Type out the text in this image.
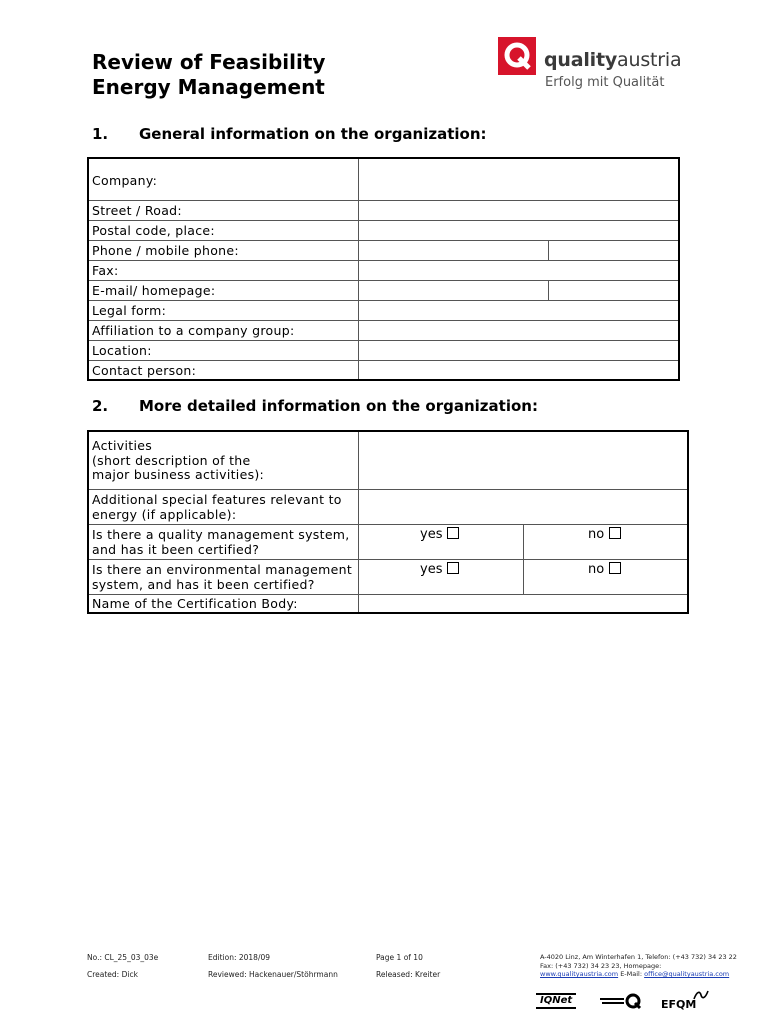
Review of Feasibility
Energy Management
qualityaustria
Erfolg mit Qualität
1. General information on the organization:
Company:
Street / Road:
Postal code, place:
Phone / mobile phone:
Fax:
E-mail/ homepage:
Legal form:
Affiliation to a company group:
Location:
Contact person:
2. More detailed information on the organization:
Activities
(short description of the
major business activities):
Additional special features relevant to
energy (if applicable):
Is there a quality management system,
and has it been certified?
yes	no
Is there an environmental management
system, and has it been certified?
yes	no
Name of the Certification Body:
No.: CL_25_03_03e
Created: Dick
Edition: 2018/09
Reviewed: Hackenauer/Stöhrmann
Page 1 of 10
Released: Kreiter
A-4020 Linz, Am Winterhafen 1, Telefon: (+43 732) 34 23 22
Fax: (+43 732) 34 23 23, Homepage:
www.qualityaustria.com E-Mail: office@qualityaustria.com
IQNet	EFQM
